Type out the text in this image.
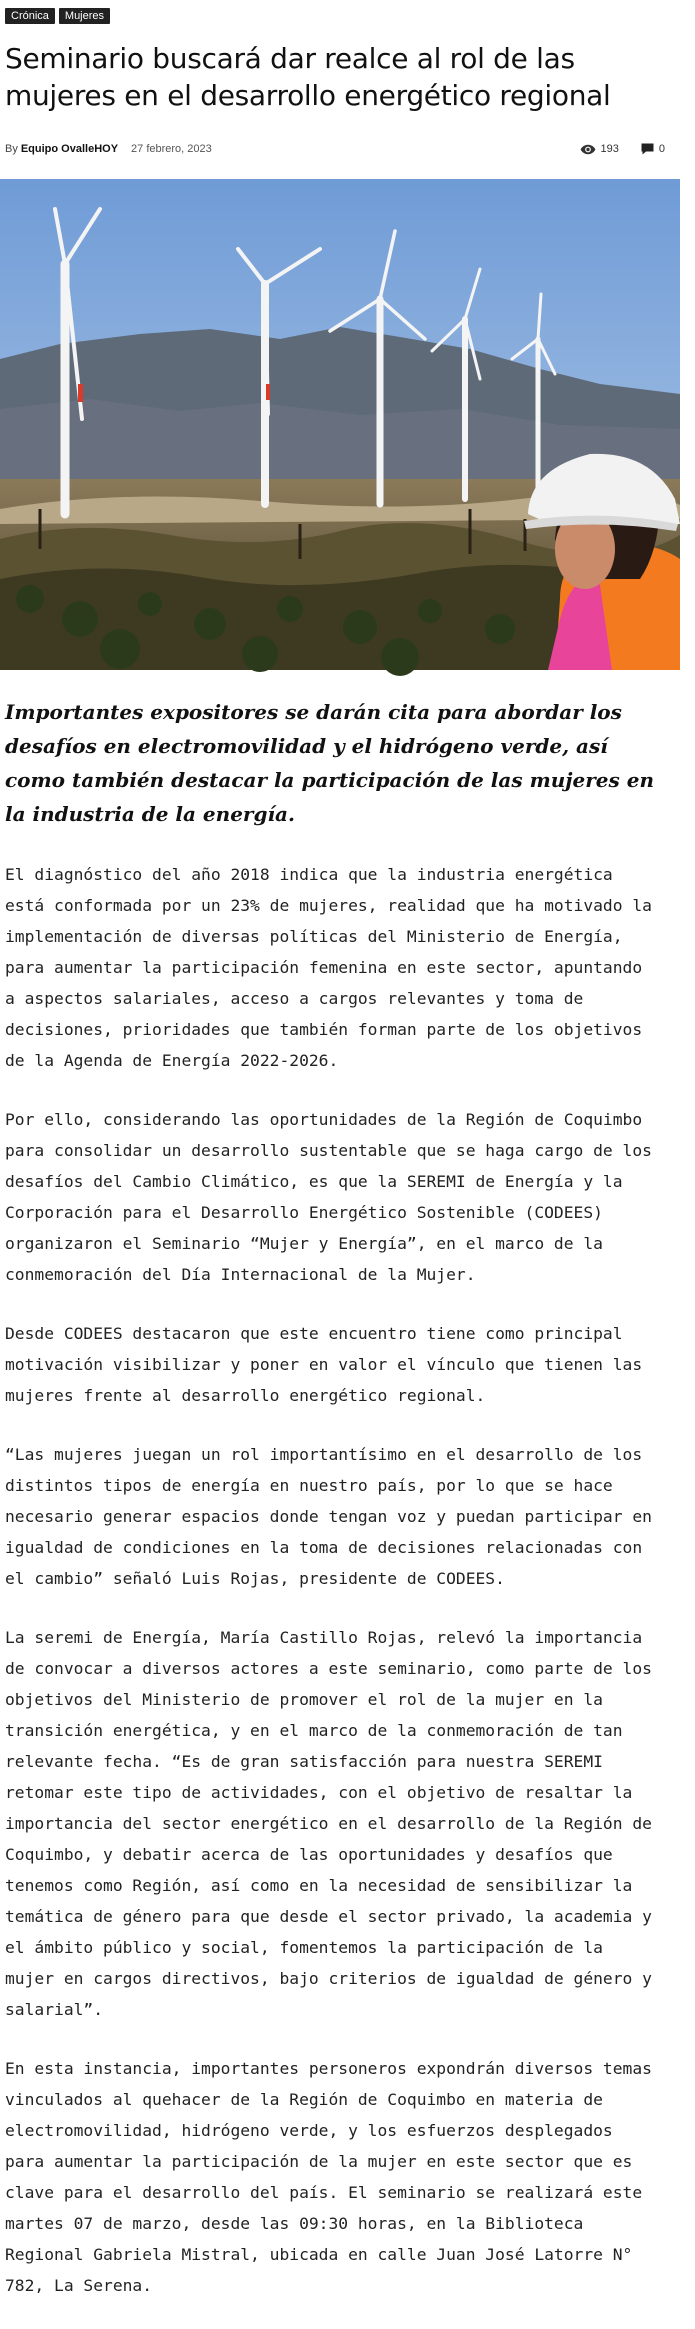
Crónica	Mujeres
Seminario buscará dar realce al rol de las mujeres en el desarrollo energético regional
By Equipo OvalleHOY 27 febrero, 2023	193	0

Importantes expositores se darán cita para abordar los desafíos en electromovilidad y el hidrógeno verde, así como también destacar la participación de las mujeres en la industria de la energía.

El diagnóstico del año 2018 indica que la industria energética está conformada por un 23% de mujeres, realidad que ha motivado la implementación de diversas políticas del Ministerio de Energía, para aumentar la participación femenina en este sector, apuntando a aspectos salariales, acceso a cargos relevantes y toma de decisiones, prioridades que también forman parte de los objetivos de la Agenda de Energía 2022-2026.

Por ello, considerando las oportunidades de la Región de Coquimbo para consolidar un desarrollo sustentable que se haga cargo de los desafíos del Cambio Climático, es que la SEREMI de Energía y la Corporación para el Desarrollo Energético Sostenible (CODEES) organizaron el Seminario “Mujer y Energía”, en el marco de la conmemoración del Día Internacional de la Mujer.

Desde CODEES destacaron que este encuentro tiene como principal motivación visibilizar y poner en valor el vínculo que tienen las mujeres frente al desarrollo energético regional.

“Las mujeres juegan un rol importantísimo en el desarrollo de los distintos tipos de energía en nuestro país, por lo que se hace necesario generar espacios donde tengan voz y puedan participar en igualdad de condiciones en la toma de decisiones relacionadas con el cambio” señaló Luis Rojas, presidente de CODEES.

La seremi de Energía, María Castillo Rojas, relevó la importancia de convocar a diversos actores a este seminario, como parte de los objetivos del Ministerio de promover el rol de la mujer en la transición energética, y en el marco de la conmemoración de tan relevante fecha. “Es de gran satisfacción para nuestra SEREMI retomar este tipo de actividades, con el objetivo de resaltar la importancia del sector energético en el desarrollo de la Región de Coquimbo, y debatir acerca de las oportunidades y desafíos que tenemos como Región, así como en la necesidad de sensibilizar la temática de género para que desde el sector privado, la academia y el ámbito público y social, fomentemos la participación de la mujer en cargos directivos, bajo criterios de igualdad de género y salarial”.

En esta instancia, importantes personeros expondrán diversos temas vinculados al quehacer de la Región de Coquimbo en materia de electromovilidad, hidrógeno verde, y los esfuerzos desplegados para aumentar la participación de la mujer en este sector que es clave para el desarrollo del país. El seminario se realizará este martes 07 de marzo, desde las 09:30 horas, en la Biblioteca Regional Gabriela Mistral, ubicada en calle Juan José Latorre N° 782, La Serena.
